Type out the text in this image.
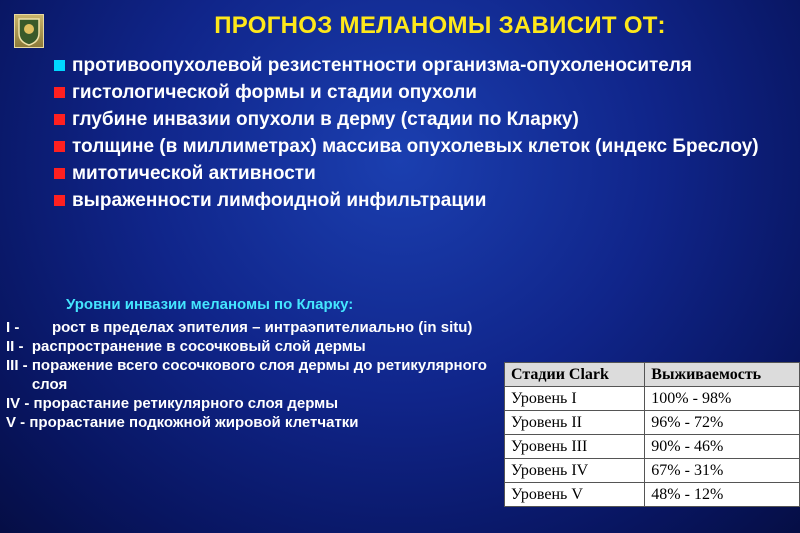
ПРОГНОЗ МЕЛАНОМЫ ЗАВИСИТ ОТ:
противоопухолевой резистентности организма-опухоленосителя
гистологической формы и стадии опухоли
глубине инвазии опухоли в дерму (стадии по Кларку)
толщине (в миллиметрах) массива опухолевых клеток (индекс Бреслоу)
митотической активности
выраженности лимфоидной инфильтрации
Уровни инвазии меланомы по Кларку:
I -	рост в пределах эпителия – интраэпителиально (in situ)
II - распространение в сосочковый слой дермы
III - поражение всего сосочкового слоя дермы до ретикулярного слоя
IV - прорастание ретикулярного слоя дермы
V - прорастание подкожной жировой клетчатки
Стадии Clark	Выживаемость
Уровень I	100% - 98%
Уровень II	96% - 72%
Уровень III	90% - 46%
Уровень IV	67% - 31%
Уровень V	48% - 12%
